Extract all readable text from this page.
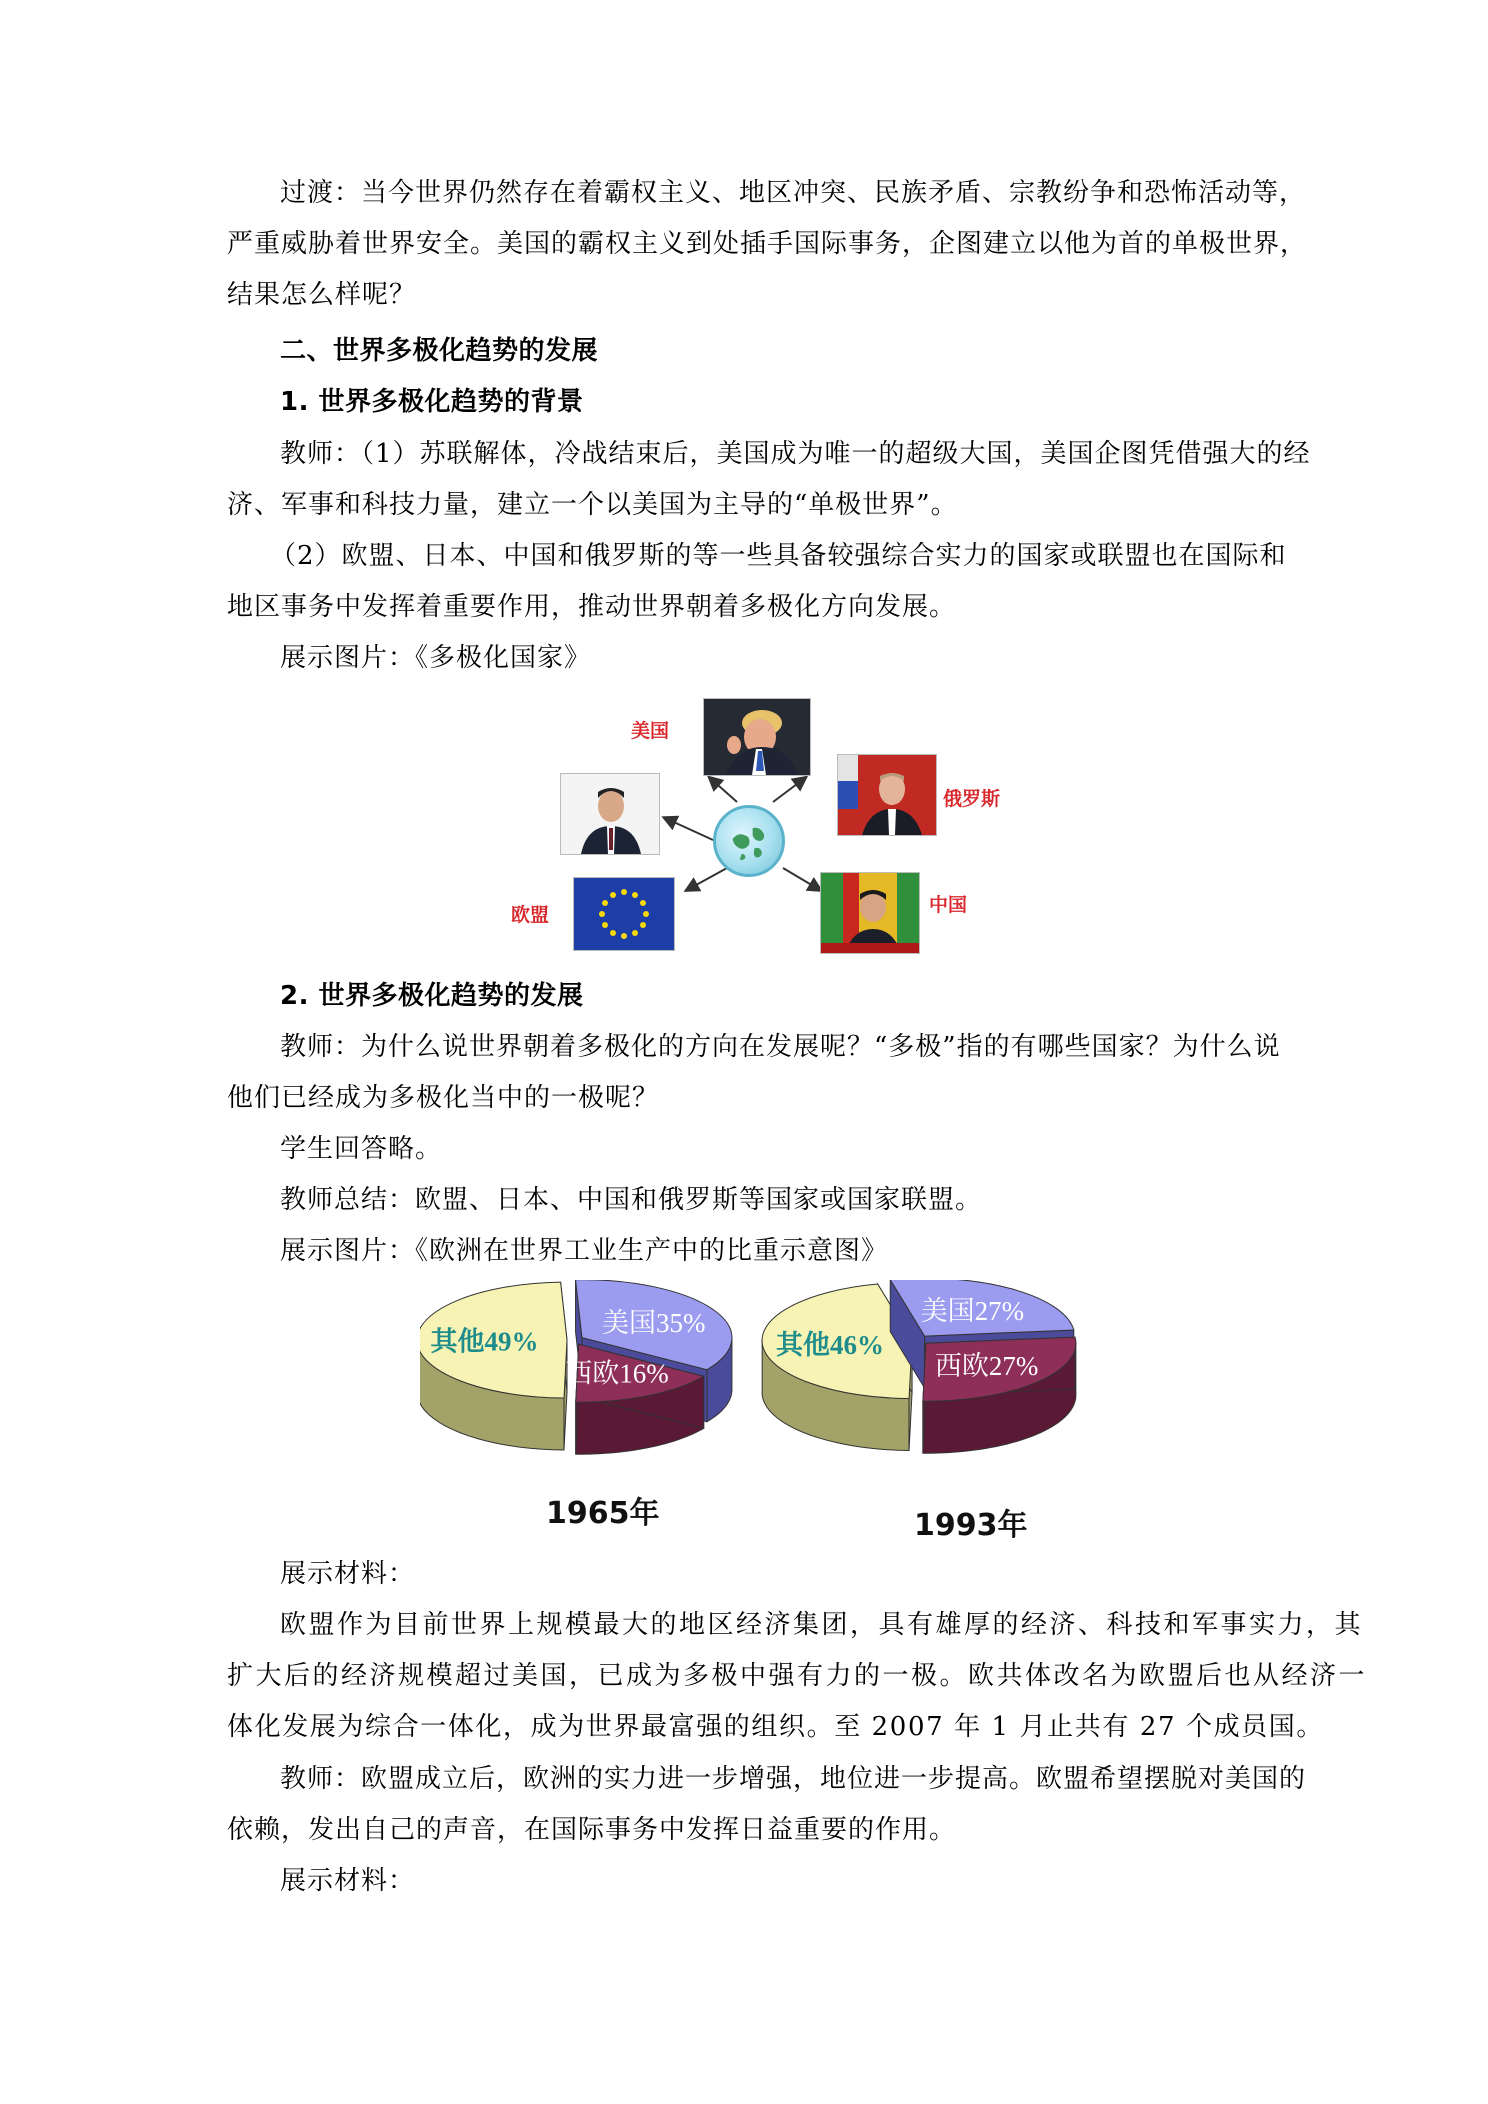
过渡：当今世界仍然存在着霸权主义、地区冲突、民族矛盾、宗教纷争和恐怖活动等，
严重威胁着世界安全。美国的霸权主义到处插手国际事务，企图建立以他为首的单极世界，
结果怎么样呢？
二、世界多极化趋势的发展
1. 世界多极化趋势的背景
教师：（1）苏联解体，冷战结束后，美国成为唯一的超级大国，美国企图凭借强大的经
济、军事和科技力量，建立一个以美国为主导的“单极世界”。
（2）欧盟、日本、中国和俄罗斯的等一些具备较强综合实力的国家或联盟也在国际和
地区事务中发挥着重要作用，推动世界朝着多极化方向发展。
展示图片：《多极化国家》
美国
俄罗斯
欧盟	中国
2. 世界多极化趋势的发展
教师：为什么说世界朝着多极化的方向在发展呢？“多极”指的有哪些国家？为什么说
他们已经成为多极化当中的一极呢？
学生回答略。
教师总结：欧盟、日本、中国和俄罗斯等国家或国家联盟。
展示图片：《欧洲在世界工业生产中的比重示意图》
其他49%
美国35%
西欧16%
其他46%
美国27%
西欧27%
1965年	1993年
展示材料：
欧盟作为目前世界上规模最大的地区经济集团，具有雄厚的经济、科技和军事实力，其
扩大后的经济规模超过美国，已成为多极中强有力的一极。欧共体改名为欧盟后也从经济一
体化发展为综合一体化，成为世界最富强的组织。至 2007 年 1 月止共有 27 个成员国。
教师：欧盟成立后，欧洲的实力进一步增强，地位进一步提高。欧盟希望摆脱对美国的
依赖，发出自己的声音，在国际事务中发挥日益重要的作用。
展示材料：
